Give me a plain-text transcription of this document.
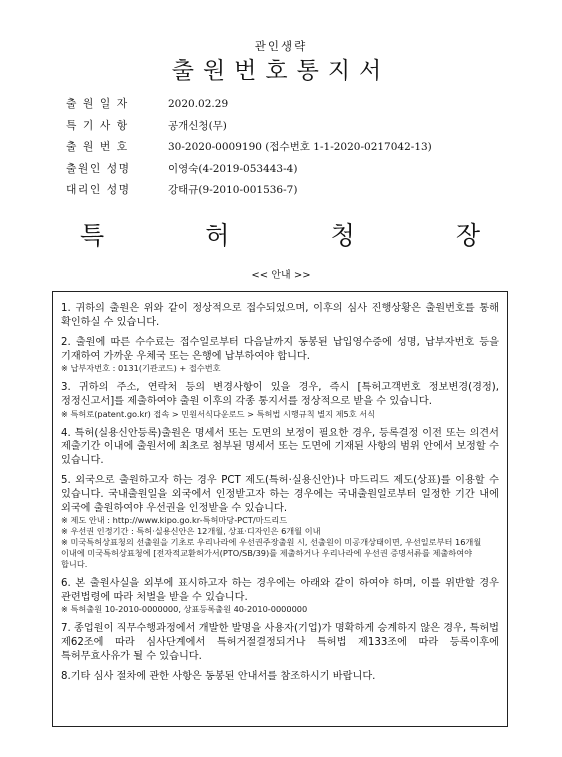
관인생략
출원번호통지서
출원일자	2020.02.29
특기사항	공개신청(무)
출원번호	30-2020-0009190 (접수번호 1-1-2020-0217042-13)
출원인 성명	이영숙(4-2019-053443-4)
대리인 성명	강태규(9-2010-001536-7)
특	허	청	장
<< 안내 >>
1. 귀하의 출원은 위와 같이 정상적으로 접수되었으며, 이후의 심사 진행상황은 출원번호를 통해 확인하실 수 있습니다.
2. 출원에 따른 수수료는 접수일로부터 다음날까지 동봉된 납입영수증에 성명, 납부자번호 등을 기재하여 가까운 우체국 또는 은행에 납부하여야 합니다.
※ 납부자번호 : 0131(기관코드) + 접수번호
3. 귀하의 주소, 연락처 등의 변경사항이 있을 경우, 즉시 [특허고객번호 정보변경(경정), 정정신고서]를 제출하여야 출원 이후의 각종 통지서를 정상적으로 받을 수 있습니다.
※ 특허로(patent.go.kr) 접속 > 민원서식다운로드 > 특허법 시행규칙 별지 제5호 서식
4. 특허(실용신안등록)출원은 명세서 또는 도면의 보정이 필요한 경우, 등록결정 이전 또는 의견서 제출기간 이내에 출원서에 최초로 첨부된 명세서 또는 도면에 기재된 사항의 범위 안에서 보정할 수 있습니다.
5. 외국으로 출원하고자 하는 경우 PCT 제도(특허·실용신안)나 마드리드 제도(상표)를 이용할 수 있습니다. 국내출원일을 외국에서 인정받고자 하는 경우에는 국내출원일로부터 일정한 기간 내에 외국에 출원하여야 우선권을 인정받을 수 있습니다.
※ 제도 안내 : http://www.kipo.go.kr-특허마당-PCT/마드리드
※ 우선권 인정기간 : 특허·실용신안은 12개월, 상표·디자인은 6개월 이내
※ 미국특허상표청의 선출원을 기초로 우리나라에 우선권주장출원 시, 선출원이 미공개상태이면, 우선일로부터 16개월 이내에 미국특허상표청에 [전자적교환허가서(PTO/SB/39)를 제출하거나 우리나라에 우선권 증명서류를 제출하여야 합니다.
6. 본 출원사실을 외부에 표시하고자 하는 경우에는 아래와 같이 하여야 하며, 이를 위반할 경우 관련법령에 따라 처벌을 받을 수 있습니다.
※ 특허출원 10-2010-0000000, 상표등록출원 40-2010-0000000
7. 종업원이 직무수행과정에서 개발한 발명을 사용자(기업)가 명확하게 승계하지 않은 경우, 특허법 제62조에 따라 심사단계에서 특허거절결정되거나 특허법 제133조에 따라 등록이후에 특허무효사유가 될 수 있습니다.
8.기타 심사 절차에 관한 사항은 동봉된 안내서를 참조하시기 바랍니다.
